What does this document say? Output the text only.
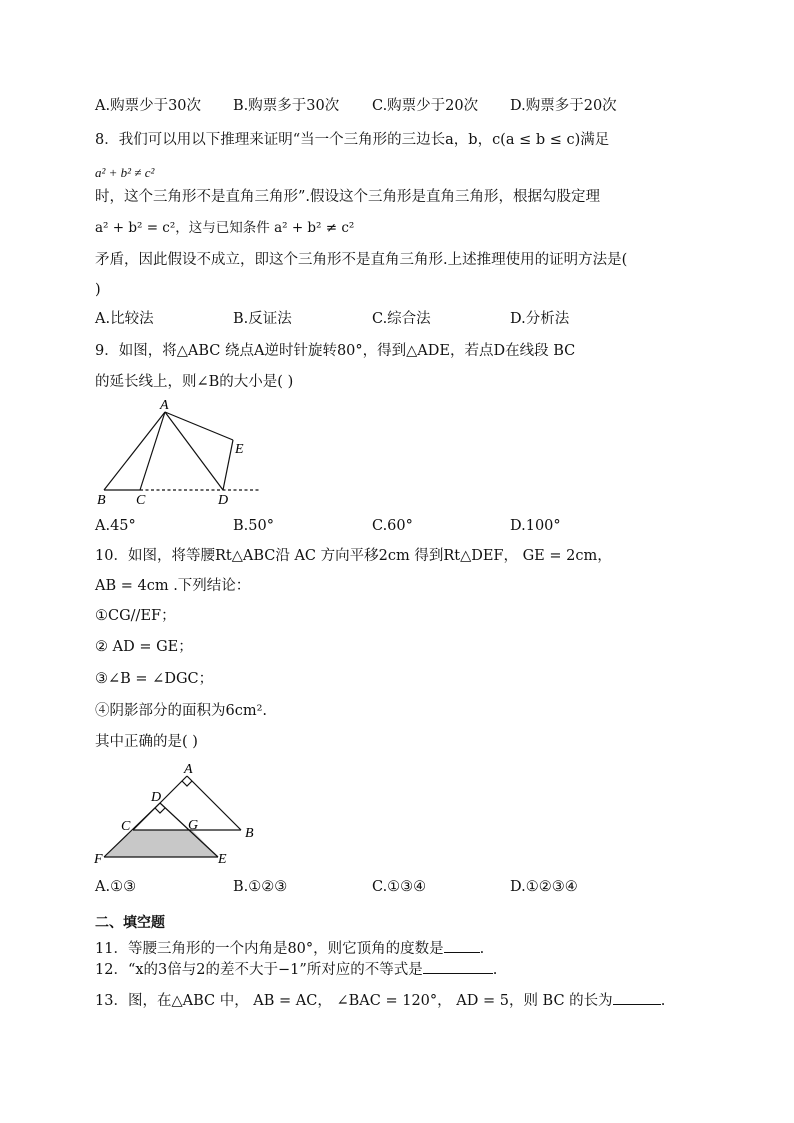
A.购票少于30次 B.购票多于30次 C.购票少于20次 D.购票多于20次
8．我们可以用以下推理来证明“当一个三角形的三边长a，b，c(a ≤ b ≤ c)满足
a² + b² ≠ c²
时，这个三角形不是直角三角形”.假设这个三角形是直角三角形，根据勾股定理
a² + b² = c²，这与已知条件 a² + b² ≠ c²
矛盾，因此假设不成立，即这个三角形不是直角三角形.上述推理使用的证明方法是(
)
A.比较法	B.反证法	C.综合法	D.分析法
9．如图，将△ABC 绕点A逆时针旋转80°，得到△ADE，若点D在线段 BC
的延长线上，则∠B的大小是( )
A
B C	D
E
A.45°	B.50°	C.60°	D.100°
10．如图，将等腰Rt△ABC沿 AC 方向平移2cm 得到Rt△DEF， GE = 2cm，
AB = 4cm .下列结论：
①CG//EF；
② AD = GE；
③∠B = ∠DGC；
④阴影部分的面积为6cm².
其中正确的是( )
A
B
C
D
E
F
G
A.①③	B.①②③	C.①③④	D.①②③④
二、填空题
11．等腰三角形的一个内角是80°，则它顶角的度数是 .
12．“x的3倍与2的差不大于−1”所对应的不等式是	.
13．图，在△ABC 中， AB = AC， ∠BAC = 120°， AD = 5，则 BC 的长为	.
